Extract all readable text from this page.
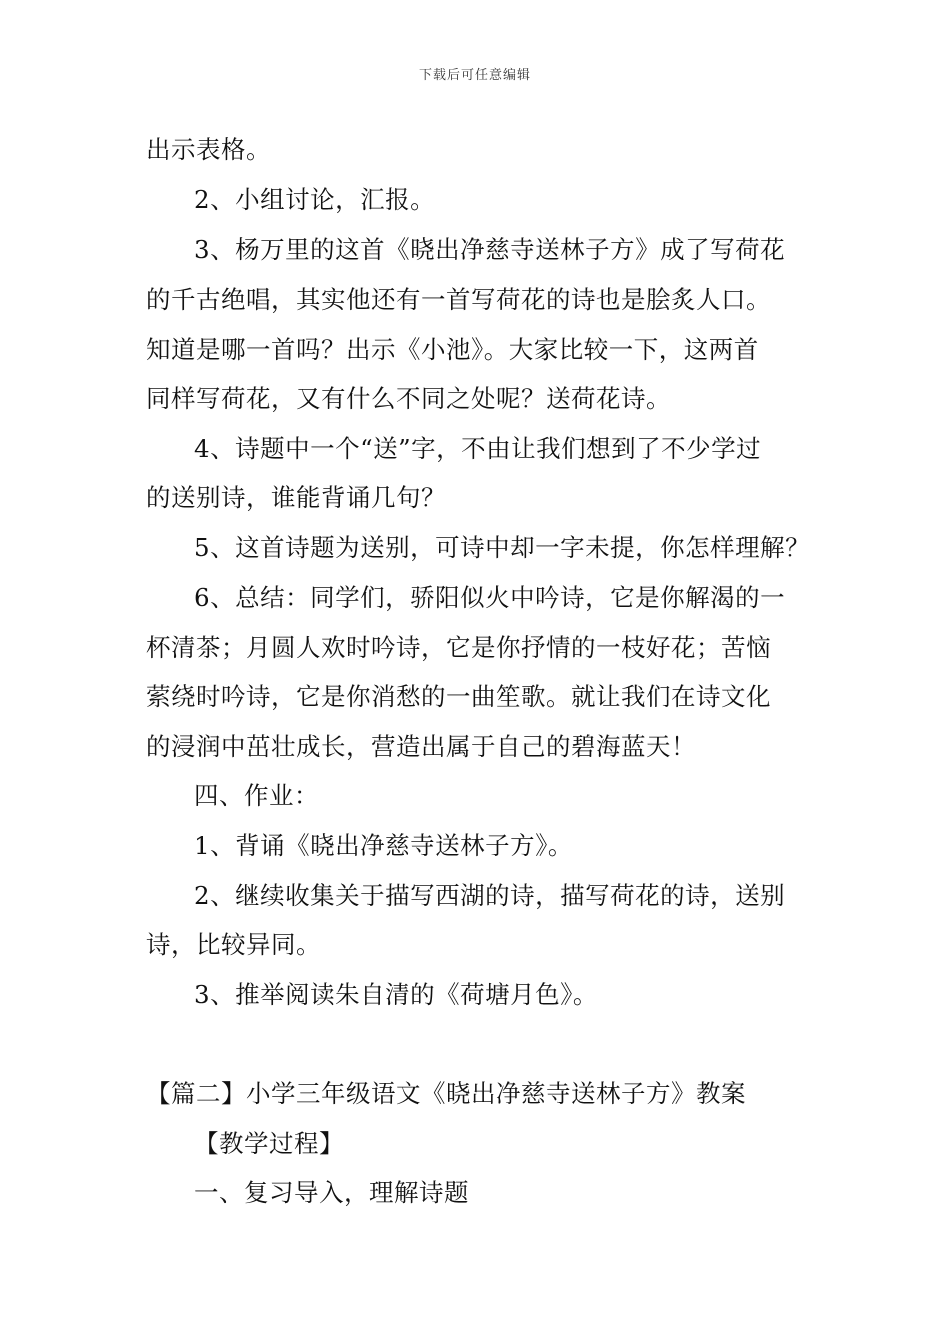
下载后可任意编辑
出示表格。
2、小组讨论，汇报。
3、杨万里的这首《晓出净慈寺送林子方》成了写荷花
的千古绝唱，其实他还有一首写荷花的诗也是脍炙人口。
知道是哪一首吗？出示《小池》。大家比较一下，这两首
同样写荷花，又有什么不同之处呢？送荷花诗。
4、诗题中一个“送”字，不由让我们想到了不少学过
的送别诗，谁能背诵几句？
5、这首诗题为送别，可诗中却一字未提，你怎样理解？
6、总结：同学们，骄阳似火中吟诗，它是你解渴的一
杯清茶；月圆人欢时吟诗，它是你抒情的一枝好花；苦恼
萦绕时吟诗，它是你消愁的一曲笙歌。就让我们在诗文化
的浸润中茁壮成长，营造出属于自己的碧海蓝天！
四、作业：
1、背诵《晓出净慈寺送林子方》。
2、继续收集关于描写西湖的诗，描写荷花的诗，送别
诗，比较异同。
3、推举阅读朱自清的《荷塘月色》。
【篇二】小学三年级语文《晓出净慈寺送林子方》教案
【教学过程】
一、复习导入，理解诗题
